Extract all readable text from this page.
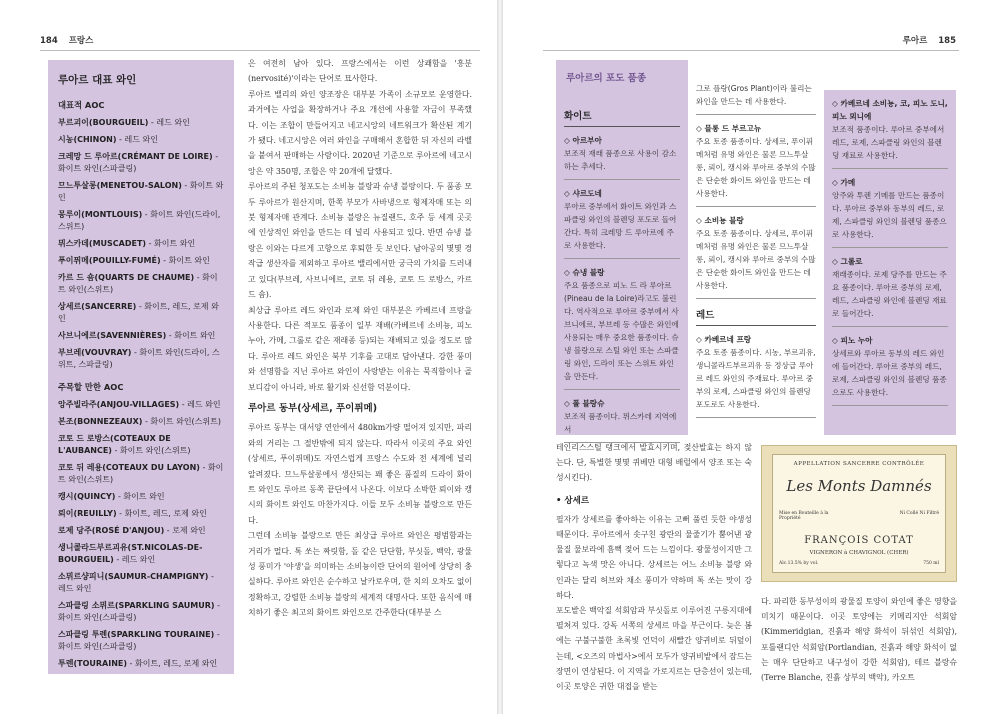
184 프랑스
루아르 대표 와인
대표적 AOC
부르괴이(BOURGUEIL) - 레드 와인
시농(CHINON) - 레드 와인
크레망 드 루아르(CRÉMANT DE LOIRE) - 화이트 와인(스파클링)
므느투살롱(MENETOU-SALON) - 화이트 와인
몽루이(MONTLOUIS) - 화이트 와인(드라이, 스위트)
뮈스카데(MUSCADET) - 화이트 와인
푸이퓌메(POUILLY-FUMÉ) - 화이트 와인
카르 드 숌(QUARTS DE CHAUME) - 화이트 와인(스위트)
상세르(SANCERRE) - 화이트, 레드, 로제 와인
사브니에르(SAVENNIÈRES) - 화이트 와인
부브레(VOUVRAY) - 화이트 와인(드라이, 스위트, 스파클링)
주목할 만한 AOC
앙주빌라주(ANJOU-VILLAGES) - 레드 와인
본조(BONNEZEAUX) - 화이트 와인(스위트)
코토 드 로방스(COTEAUX DE L'AUBANCE) - 화이트 와인(스위트)
코토 뒤 레용(COTEAUX DU LAYON) - 화이트 와인(스위트)
캥시(QUINCY) - 화이트 와인
뢰이(REUILLY) - 화이트, 레드, 로제 와인
로제 당주(ROSÉ D'ANJOU) - 로제 와인
생니콜라드부르괴유(ST.NICOLAS-DE-BOURGUEIL) - 레드 와인
소뮈르샹피니(SAUMUR-CHAMPIGNY) - 레드 와인
스파클링 소뮈르(SPARKLING SAUMUR) - 화이트 와인(스파클링)
스파클링 투렌(SPARKLING TOURAINE) - 화이트 와인(스파클링)
투렌(TOURAINE) - 화이트, 레드, 로제 와인

은 여전히 남아 있다. 프랑스에서는 이런 상쾌함을 '흥분(nervosité)'이라는 단어로 묘사한다.

루아르 밸리의 와인 양조장은 대부분 가족이 소규모로 운영한다. 과거에는 사업을 확장하거나 주요 개선에 사용할 자금이 부족했다. 이는 조합이 만들어지고 네고시앙의 네트워크가 확산된 계기가 됐다. 네고시앙은 여러 와인을 구매해서 혼합한 뒤 자신의 라벨을 붙여서 판매하는 사람이다. 2020년 기준으로 루아르에 네고시앙은 약 350명, 조합은 약 20개에 달했다.

루아르의 주된 청포도는 소비뇽 블랑과 슈냉 블랑이다. 두 품종 모두 루아르가 원산지며, 한쪽 부모가 사바냉으로 형제자매 또는 의붓 형제자매 관계다. 소비뇽 블랑은 뉴질랜드, 호주 등 세계 곳곳에 인상적인 와인을 만드는 데 널리 사용되고 있다. 반면 슈냉 블랑은 이와는 다르게 고향으로 후퇴한 듯 보인다. 남아공의 몇몇 경작급 생산자를 제외하고 루아르 밸리에서만 궁극의 가치를 드러내고 있다(부브레, 사브니에르, 코토 뒤 레용, 코토 드 로방스, 카르 드 숌).

최상급 루아르 레드 와인과 로제 와인 대부분은 카베르네 프랑을 사용한다. 다른 적포도 품종이 일부 재배(카베르네 소비뇽, 피노 누아, 가메, 그롤로 같은 재래종 등)되는 재배되고 있을 정도로 많다. 루아르 레드 와인은 북부 기후를 고대로 담아낸다. 강한 풍미와 선명함을 지닌 루아르 와인이 사랑받는 이유는 묵직함이나 골보디감이 아니라, 바로 활기와 신선함 덕분이다.

루아르 동부(상세르, 푸이퓌메)

루아르 동부는 대서양 연안에서 480km가량 떨어져 있지만, 파리와의 거리는 그 절반밖에 되지 않는다. 따라서 이곳의 주요 와인(상세르, 푸이퓌메)도 자연스럽게 프랑스 수도와 전 세계에 널리 알려졌다. 므느투살롱에서 생산되는 꽤 좋은 품질의 드라이 화이트 와인도 루아르 동쪽 끝단에서 나온다. 이보다 소박한 뢰이와 캥시의 화이트 와인도 마찬가지다. 이들 모두 소비뇽 블랑으로 만든다.

그런데 소비뇽 블랑으로 만든 최상급 루아르 와인은 평범함과는 거리가 멀다. 톡 쏘는 짜릿함, 돌 같은 단단함, 부싯돌, 백악, 광물성 풍미가 '야생'을 의미하는 소비뇽이란 단어의 원어에 상당히 충실하다. 루아르 와인은 순수하고 날카로우며, 한 치의 오차도 없이 정확하고, 강렬한 소비뇽 블랑의 세계적 대명사다. 또한 음식에 매치하기 좋은 최고의 화이트 와인으로 간주한다(대부분 스

루아르 185
루아르의 포도 품종
화이트
◇ 아르부아
보조적 재래 품종으로 사용이 감소하는 추세다.
◇ 샤르도네
루아르 중부에서 화이트 와인과 스파클링 와인의 블렌딩 포도로 들어간다. 특히 크레망 드 루아르에 주로 사용한다.
◇ 슈냉 블랑
주요 품종으로 피노 드 라 루아르(Pineau de la Loire)라고도 불린다. 역사적으로 루아르 중부에서 사브니에르, 부브레 등 수많은 와인에 사용되는 매우 중요한 품종이다. 슈냉 블랑으로 스틸 와인 또는 스파클링 와인, 드라이 또는 스위트 와인을 만든다.
◇ 폴 블랑슈
보조적 품종이다. 뮈스카데 지역에서
그로 플랑(Gros Plant)이라 불리는 와인을 만드는 데 사용한다.
◇ 믈롱 드 부르고뉴
주요 토종 품종이다. 상세르, 푸이퓌메처럼 유명 와인은 물론 므느투살롱, 뢰이, 캥시와 루아르 중부의 수많은 단순한 화이트 와인을 만드는 데 사용한다.
◇ 소비뇽 블랑
주요 토종 품종이다. 상세르, 푸이퓌메처럼 유명 와인은 물론 므느투살롱, 뢰이, 캥시와 루아르 중부의 수많은 단순한 화이트 와인을 만드는 데 사용한다.
레드
◇ 카베르네 프랑
주요 토종 품종이다. 시농, 부르괴유, 생니콜라드부르괴유 등 정상급 루아르 레드 와인의 주재료다. 루아르 중부의 로제, 스파클링 와인의 블렌딩 포도로도 사용한다.
◇ 카베르네 소비뇽, 코, 피노 도니, 피노 뫼니에
보조적 품종이다. 루아르 중부에서 레드, 로제, 스파클링 와인의 블렌딩 재료로 사용한다.
◇ 가메
앙주와 투렌 기메를 만드는 품종이다. 루아르 중부와 동부의 레드, 로제, 스파클링 와인의 블렌딩 품종으로 사용한다.
◇ 그롤로
재래종이다. 로제 당주를 만드는 주요 품종이다. 루아르 중부의 로제, 레드, 스파클링 와인에 블렌딩 재료로 들어간다.
◇ 피노 누아
상세르와 루아르 동부의 레드 와인에 들어간다. 루아르 중부의 레드, 로제, 스파클링 와인의 블렌딩 품종으로도 사용한다.

테인리스스틸 탱크에서 발효시키며, 젖산발효는 하지 않는다. 단, 특별한 몇몇 퀴베만 대형 배럴에서 양조 또는 숙성시킨다).

• 상세르

필자가 상세르를 좋아하는 이유는 고뻐 풀린 듯한 야생성 때문이다. 루아르에서 솟구친 광란의 물줄기가 뿜어낸 광물질 물보라에 흠뻑 젖어 드는 느낌이다. 광물성이지만 그렇다고 녹색 맛은 아니다. 상세르는 어느 소비뇽 블랑 와인과는 달리 허브와 채소 풍미가 약하며 톡 쏘는 맛이 강하다.

포도밭은 백악질 석회암과 부싯돌로 이루어진 구릉지대에 펼쳐져 있다. 강독 서쪽의 상세르 마을 부근이다. 늦은 봄에는 구불구불한 초록빛 언덕이 새빨간 양귀비로 뒤덮이는데, <오즈의 마법사>에서 모두가 양귀비밭에서 잠드는 장면이 연상된다. 이 지역을 가로지르는 단층선이 있는데, 이곳 토양은 귀한 대접을 받는

다. 파리한 동부성이의 광물질 토양이 와인에 좋은 영향을 미치기 때문이다. 이곳 토양에는 키메리지안 석회암(Kimmeridgian, 진흙과 해양 화석이 뒤섞인 석회암), 포틀랜디안 석회암(Portlandian, 진흙과 해양 화석이 없는 매우 단단하고 내구성이 강한 석회암), 테르 블랑슈(Terre Blanche, 진흙 상부의 백악), 카오트

APPELLATION SANCERRE CONTRÔLÉE
Les Monts Damnés
Mise en Bouteille à la Propriété
Ni Collé Ni Filtré
FRANÇOIS COTAT
VIGNERON à CHAVIGNOL (CHER)
Alc.13.5% by vol.	750 ml
